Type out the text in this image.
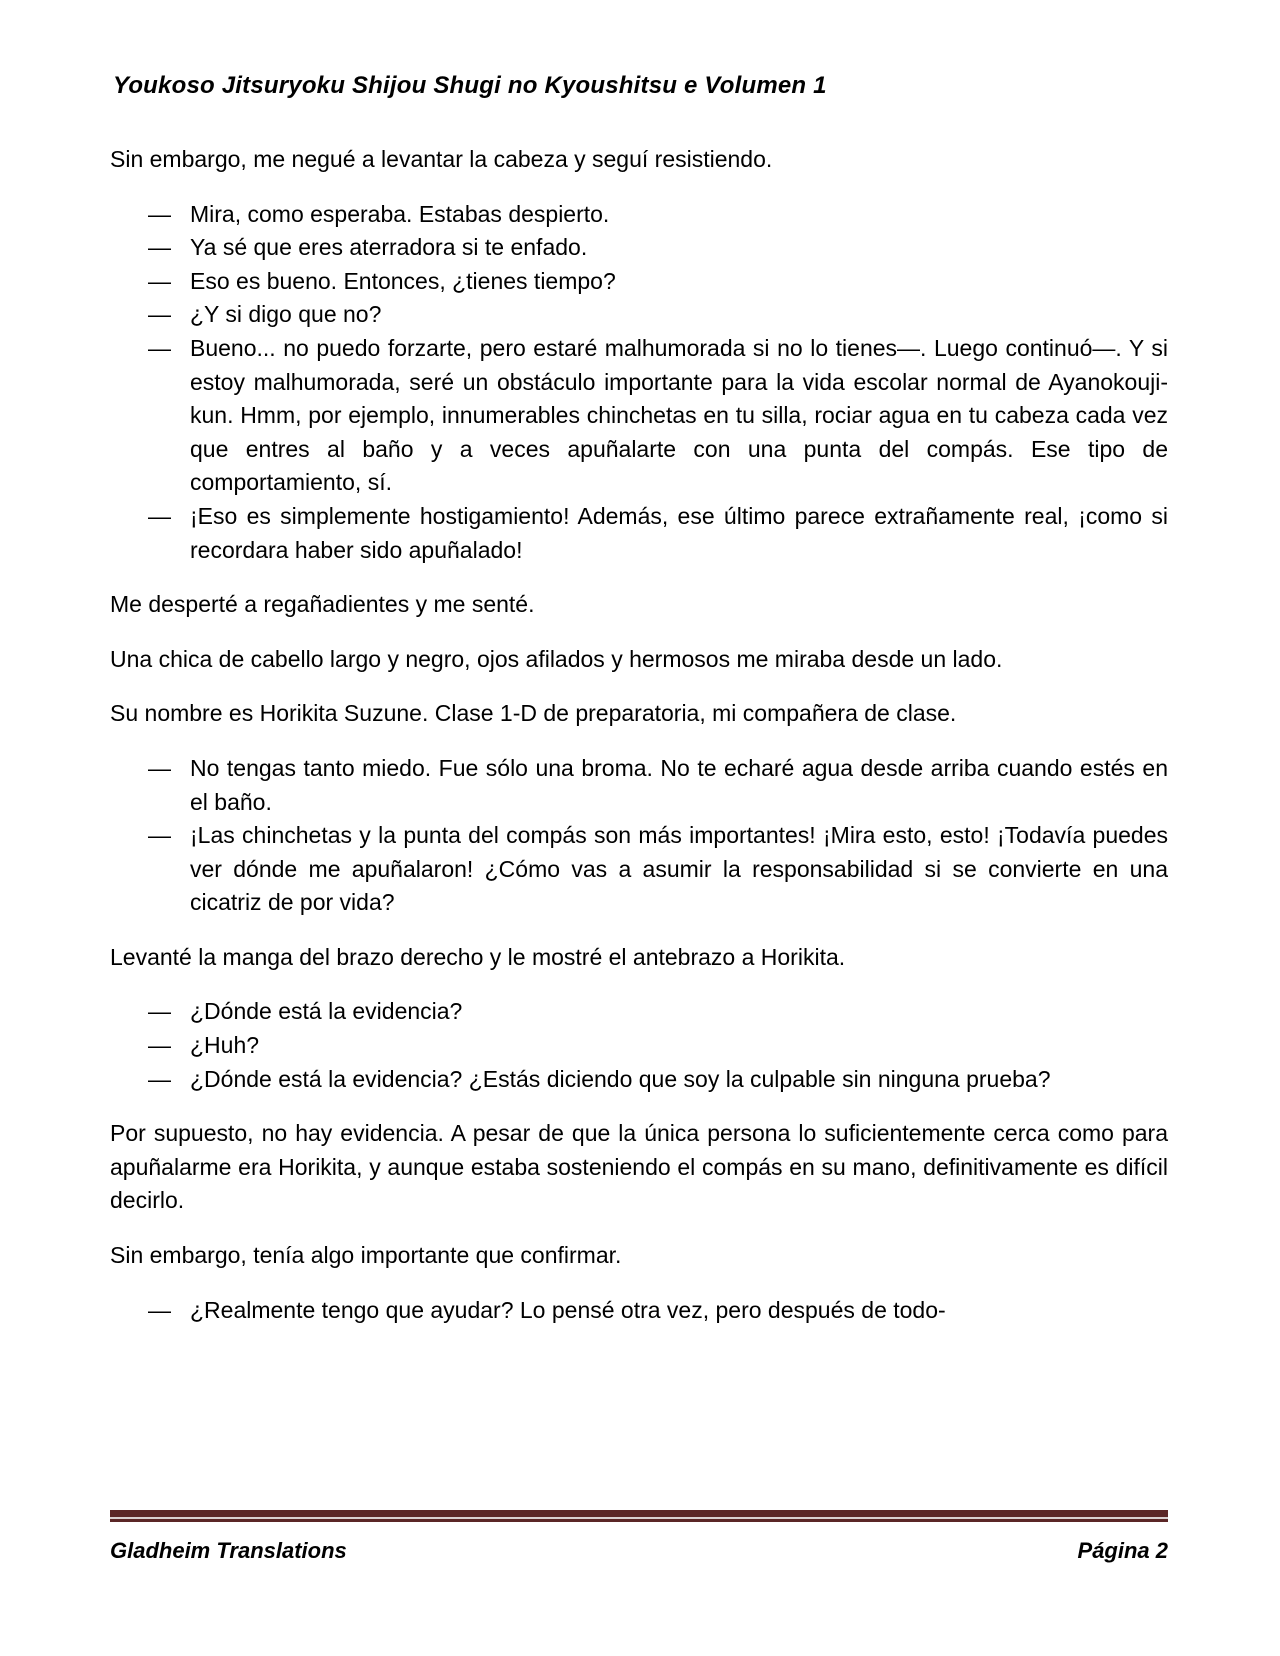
Youkoso Jitsuryoku Shijou Shugi no Kyoushitsu e Volumen 1

Sin embargo, me negué a levantar la cabeza y seguí resistiendo.

— Mira, como esperaba. Estabas despierto.
— Ya sé que eres aterradora si te enfado.
— Eso es bueno. Entonces, ¿tienes tiempo?
— ¿Y si digo que no?
— Bueno... no puedo forzarte, pero estaré malhumorada si no lo tienes—. Luego continuó—. Y si estoy malhumorada, seré un obstáculo importante para la vida escolar normal de Ayanokouji-kun. Hmm, por ejemplo, innumerables chinchetas en tu silla, rociar agua en tu cabeza cada vez que entres al baño y a veces apuñalarte con una punta del compás. Ese tipo de comportamiento, sí.
— ¡Eso es simplemente hostigamiento! Además, ese último parece extrañamente real, ¡como si recordara haber sido apuñalado!

Me desperté a regañadientes y me senté.

Una chica de cabello largo y negro, ojos afilados y hermosos me miraba desde un lado.

Su nombre es Horikita Suzune. Clase 1-D de preparatoria, mi compañera de clase.

— No tengas tanto miedo. Fue sólo una broma. No te echaré agua desde arriba cuando estés en el baño.
— ¡Las chinchetas y la punta del compás son más importantes! ¡Mira esto, esto! ¡Todavía puedes ver dónde me apuñalaron! ¿Cómo vas a asumir la responsabilidad si se convierte en una cicatriz de por vida?

Levanté la manga del brazo derecho y le mostré el antebrazo a Horikita.

— ¿Dónde está la evidencia?
— ¿Huh?
— ¿Dónde está la evidencia? ¿Estás diciendo que soy la culpable sin ninguna prueba?

Por supuesto, no hay evidencia. A pesar de que la única persona lo suficientemente cerca como para apuñalarme era Horikita, y aunque estaba sosteniendo el compás en su mano, definitivamente es difícil decirlo.

Sin embargo, tenía algo importante que confirmar.

— ¿Realmente tengo que ayudar? Lo pensé otra vez, pero después de todo-
Gladheim Translations	Página 2
